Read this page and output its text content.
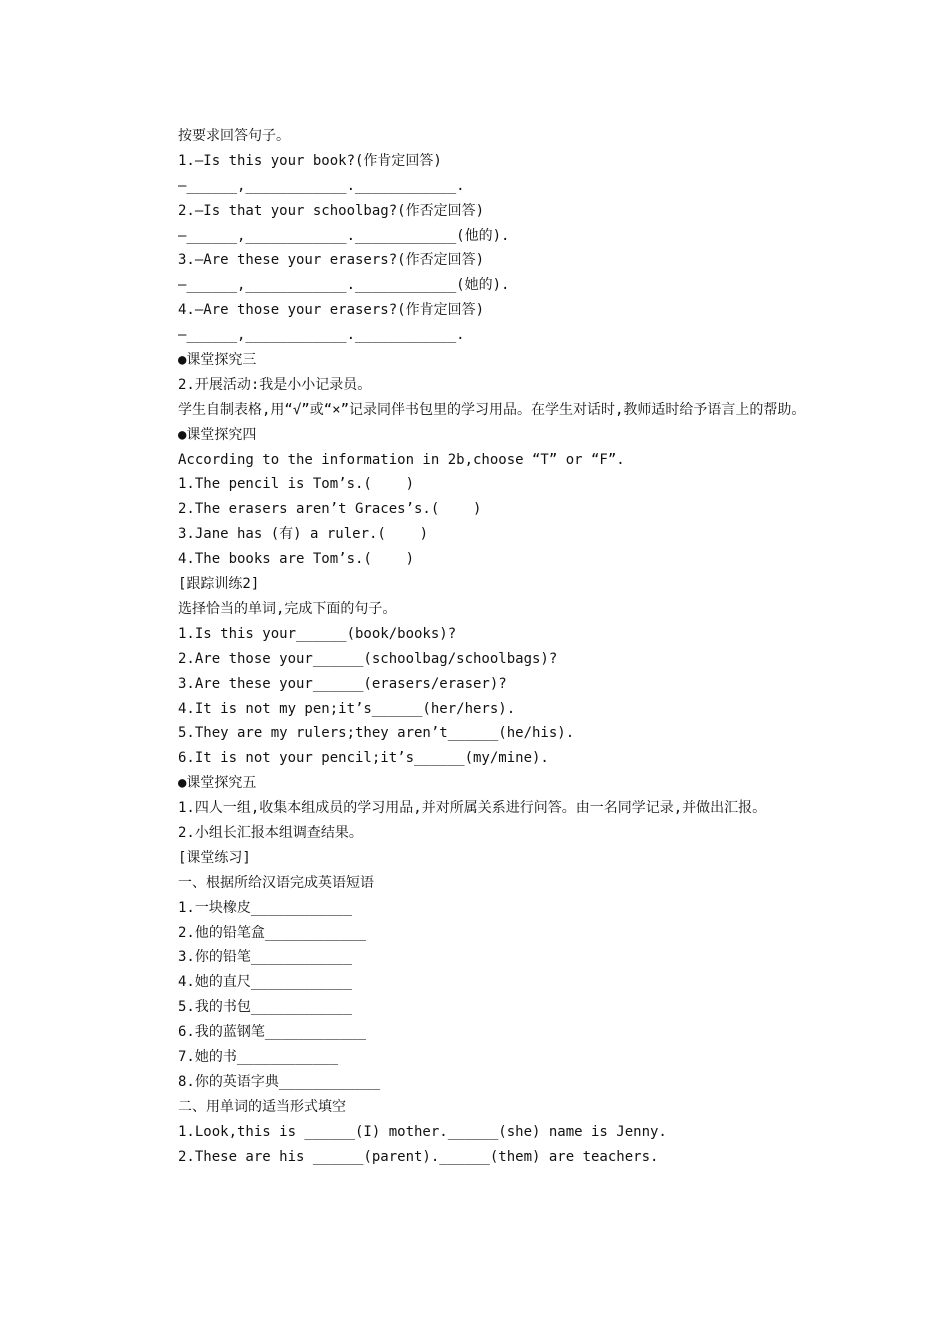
按要求回答句子。
1.—Is this your book?(作肯定回答)
—______,____________.____________.
2.—Is that your schoolbag?(作否定回答)
—______,____________.____________(他的).
3.—Are these your erasers?(作否定回答)
—______,____________.____________(她的).
4.—Are those your erasers?(作肯定回答)
—______,____________.____________.
●课堂探究三
2.开展活动:我是小小记录员。
学生自制表格,用“√”或“×”记录同伴书包里的学习用品。在学生对话时,教师适时给予语言上的帮助。
●课堂探究四
According to the information in 2b,choose “T” or “F”.
1.The pencil is Tom’s.(    )
2.The erasers aren’t Graces’s.(    )
3.Jane has (有) a ruler.(    )
4.The books are Tom’s.(    )
[跟踪训练2]
选择恰当的单词,完成下面的句子。
1.Is this your______(book/books)?
2.Are those your______(schoolbag/schoolbags)?
3.Are these your______(erasers/eraser)?
4.It is not my pen;it’s______(her/hers).
5.They are my rulers;they aren’t______(he/his).
6.It is not your pencil;it’s______(my/mine).
●课堂探究五
1.四人一组,收集本组成员的学习用品,并对所属关系进行问答。由一名同学记录,并做出汇报。
2.小组长汇报本组调查结果。
[课堂练习]
一、根据所给汉语完成英语短语
1.一块橡皮____________
2.他的铅笔盒____________
3.你的铅笔____________
4.她的直尺____________
5.我的书包____________
6.我的蓝钢笔____________
7.她的书____________
8.你的英语字典____________
二、用单词的适当形式填空
1.Look,this is ______(I) mother.______(she) name is Jenny.
2.These are his ______(parent).______(them) are teachers.
